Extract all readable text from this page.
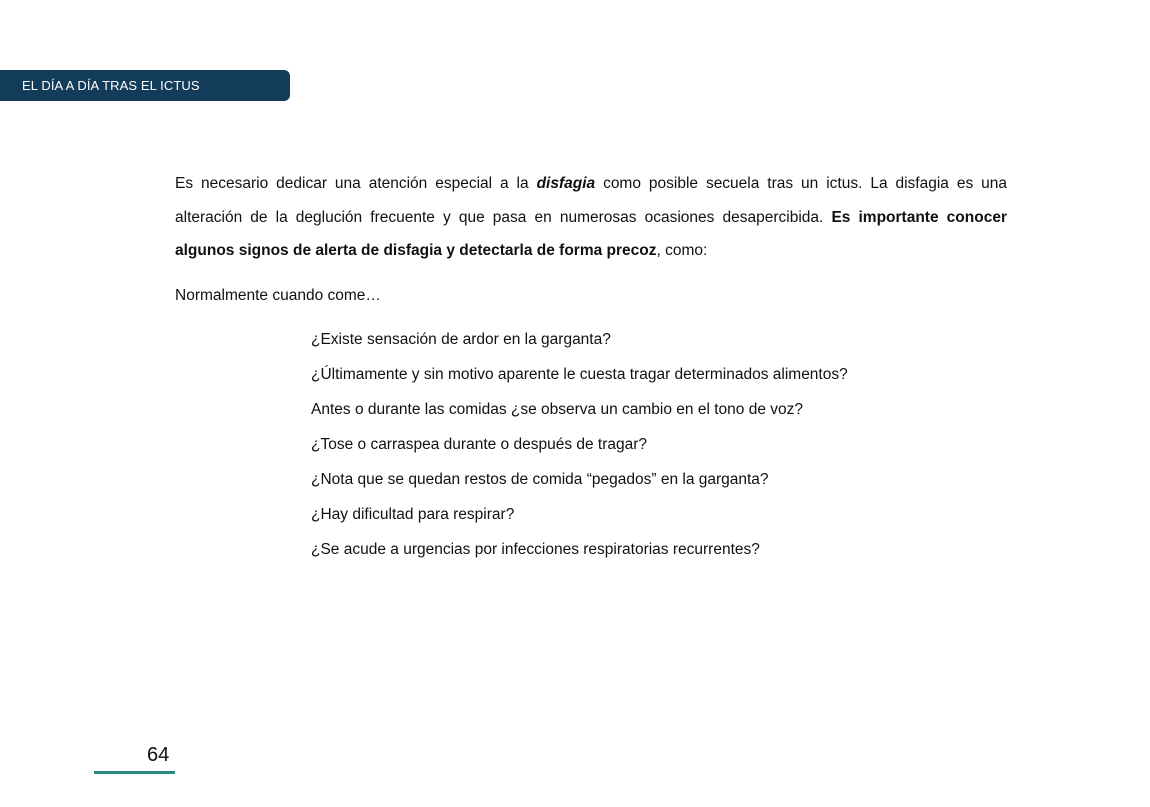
EL DÍA A DÍA TRAS EL ICTUS

Es necesario dedicar una atención especial a la disfagia como posible secuela tras un ictus. La disfagia es una alteración de la deglución frecuente y que pasa en numerosas ocasiones desapercibida. Es importante conocer algunos signos de alerta de disfagia y detectarla de forma precoz, como:

Normalmente cuando come…

¿Existe sensación de ardor en la garganta?
¿Últimamente y sin motivo aparente le cuesta tragar determinados alimentos?
Antes o durante las comidas ¿se observa un cambio en el tono de voz?
¿Tose o carraspea durante o después de tragar?
¿Nota que se quedan restos de comida “pegados” en la garganta?
¿Hay dificultad para respirar?
¿Se acude a urgencias por infecciones respiratorias recurrentes?
64
